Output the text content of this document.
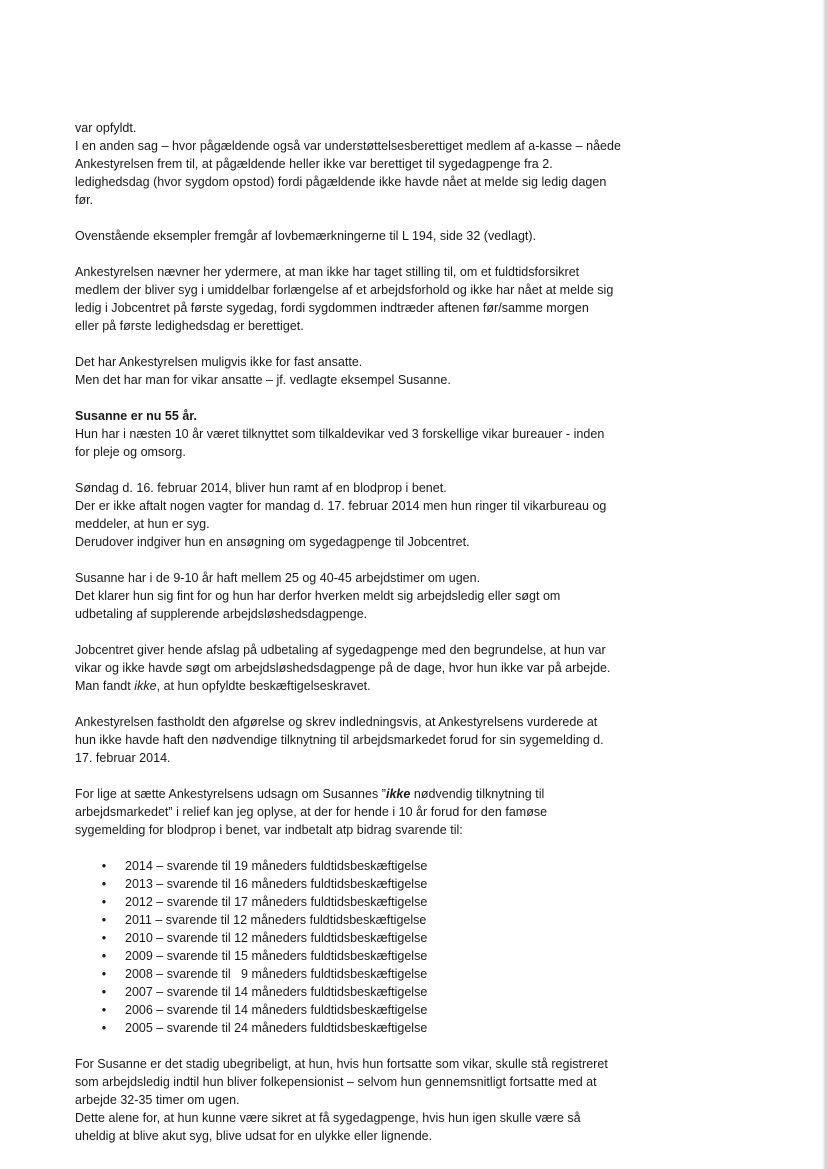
var opfyldt.

I en anden sag – hvor pågældende også var understøttelsesberettiget medlem af a-kasse – nåede

Ankestyrelsen frem til, at pågældende heller ikke var berettiget til sygedagpenge fra 2.

ledighedsdag (hvor sygdom opstod) fordi pågældende ikke havde nået at melde sig ledig dagen

før.

Ovenstående eksempler fremgår af lovbemærkningerne til L 194, side 32 (vedlagt).

Ankestyrelsen nævner her ydermere, at man ikke har taget stilling til, om et fuldtidsforsikret

medlem der bliver syg i umiddelbar forlængelse af et arbejdsforhold og ikke har nået at melde sig

ledig i Jobcentret på første sygedag, fordi sygdommen indtræder aftenen før/samme morgen

eller på første ledighedsdag er berettiget.

Det har Ankestyrelsen muligvis ikke for fast ansatte.

Men det har man for vikar ansatte – jf. vedlagte eksempel Susanne.

Susanne er nu 55 år.

Hun har i næsten 10 år været tilknyttet som tilkaldevikar ved 3 forskellige vikar bureauer - inden

for pleje og omsorg.

Søndag d. 16. februar 2014, bliver hun ramt af en blodprop i benet.

Der er ikke aftalt nogen vagter for mandag d. 17. februar 2014 men hun ringer til vikarbureau og

meddeler, at hun er syg.

Derudover indgiver hun en ansøgning om sygedagpenge til Jobcentret.

Susanne har i de 9-10 år haft mellem 25 og 40-45 arbejdstimer om ugen.

Det klarer hun sig fint for og hun har derfor hverken meldt sig arbejdsledig eller søgt om

udbetaling af supplerende arbejdsløshedsdagpenge.

Jobcentret giver hende afslag på udbetaling af sygedagpenge med den begrundelse, at hun var

vikar og ikke havde søgt om arbejdsløshedsdagpenge på de dage, hvor hun ikke var på arbejde.

Man fandt ikke, at hun opfyldte beskæftigelseskravet.

Ankestyrelsen fastholdt den afgørelse og skrev indledningsvis, at Ankestyrelsens vurderede at

hun ikke havde haft den nødvendige tilknytning til arbejdsmarkedet forud for sin sygemelding d.

17. februar 2014.

For lige at sætte Ankestyrelsens udsagn om Susannes ”ikke nødvendig tilknytning til

arbejdsmarkedet” i relief kan jeg oplyse, at der for hende i 10 år forud for den famøse

sygemelding for blodprop i benet, var indbetalt atp bidrag svarende til:

• 2014 – svarende til 19 måneders fuldtidsbeskæftigelse
• 2013 – svarende til 16 måneders fuldtidsbeskæftigelse
• 2012 – svarende til 17 måneders fuldtidsbeskæftigelse
• 2011 – svarende til 12 måneders fuldtidsbeskæftigelse
• 2010 – svarende til 12 måneders fuldtidsbeskæftigelse
• 2009 – svarende til 15 måneders fuldtidsbeskæftigelse
• 2008 – svarende til   9 måneders fuldtidsbeskæftigelse
• 2007 – svarende til 14 måneders fuldtidsbeskæftigelse
• 2006 – svarende til 14 måneders fuldtidsbeskæftigelse
• 2005 – svarende til 24 måneders fuldtidsbeskæftigelse

For Susanne er det stadig ubegribeligt, at hun, hvis hun fortsatte som vikar, skulle stå registreret

som arbejdsledig indtil hun bliver folkepensionist – selvom hun gennemsnitligt fortsatte med at

arbejde 32-35 timer om ugen.

Dette alene for, at hun kunne være sikret at få sygedagpenge, hvis hun igen skulle være så

uheldig at blive akut syg, blive udsat for en ulykke eller lignende.
